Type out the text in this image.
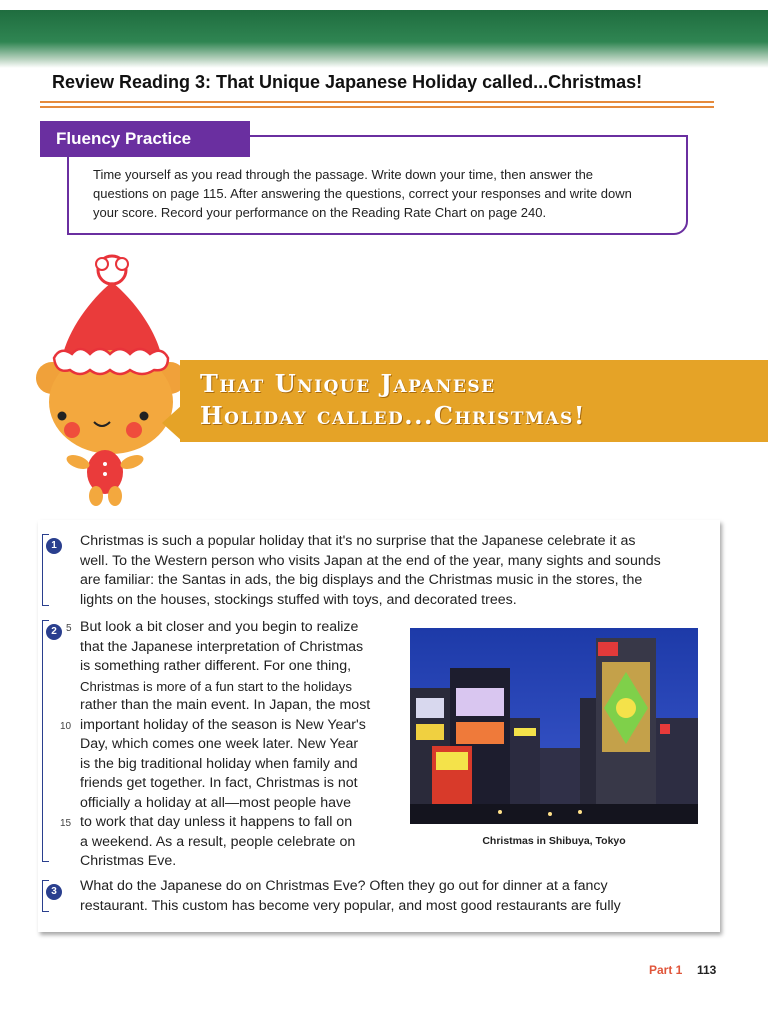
Review Reading 3: That Unique Japanese Holiday called...Christmas!
Fluency Practice
Time yourself as you read through the passage. Write down your time, then answer the
questions on page 115. After answering the questions, correct your responses and write down
your score. Record your performance on the Reading Rate Chart on page 240.
That Unique Japanese
Holiday called...Christmas!
1	Christmas is such a popular holiday that it's no surprise that the Japanese celebrate it as
well. To the Western person who visits Japan at the end of the year, many sights and sounds
are familiar: the Santas in ads, the big displays and the Christmas music in the stores, the
lights on the houses, stockings stuffed with toys, and decorated trees.
2 5
10
15
But look a bit closer and you begin to realize
that the Japanese interpretation of Christmas
is something rather different. For one thing,
Christmas is more of a fun start to the holidays
rather than the main event. In Japan, the most
important holiday of the season is New Year's
Day, which comes one week later. New Year
is the big traditional holiday when family and
friends get together. In fact, Christmas is not
officially a holiday at all—most people have
to work that day unless it happens to fall on
a weekend. As a result, people celebrate on
Christmas Eve.
Christmas in Shibuya, Tokyo
3	What do the Japanese do on Christmas Eve? Often they go out for dinner at a fancy
restaurant. This custom has become very popular, and most good restaurants are fully
Part 1 113
